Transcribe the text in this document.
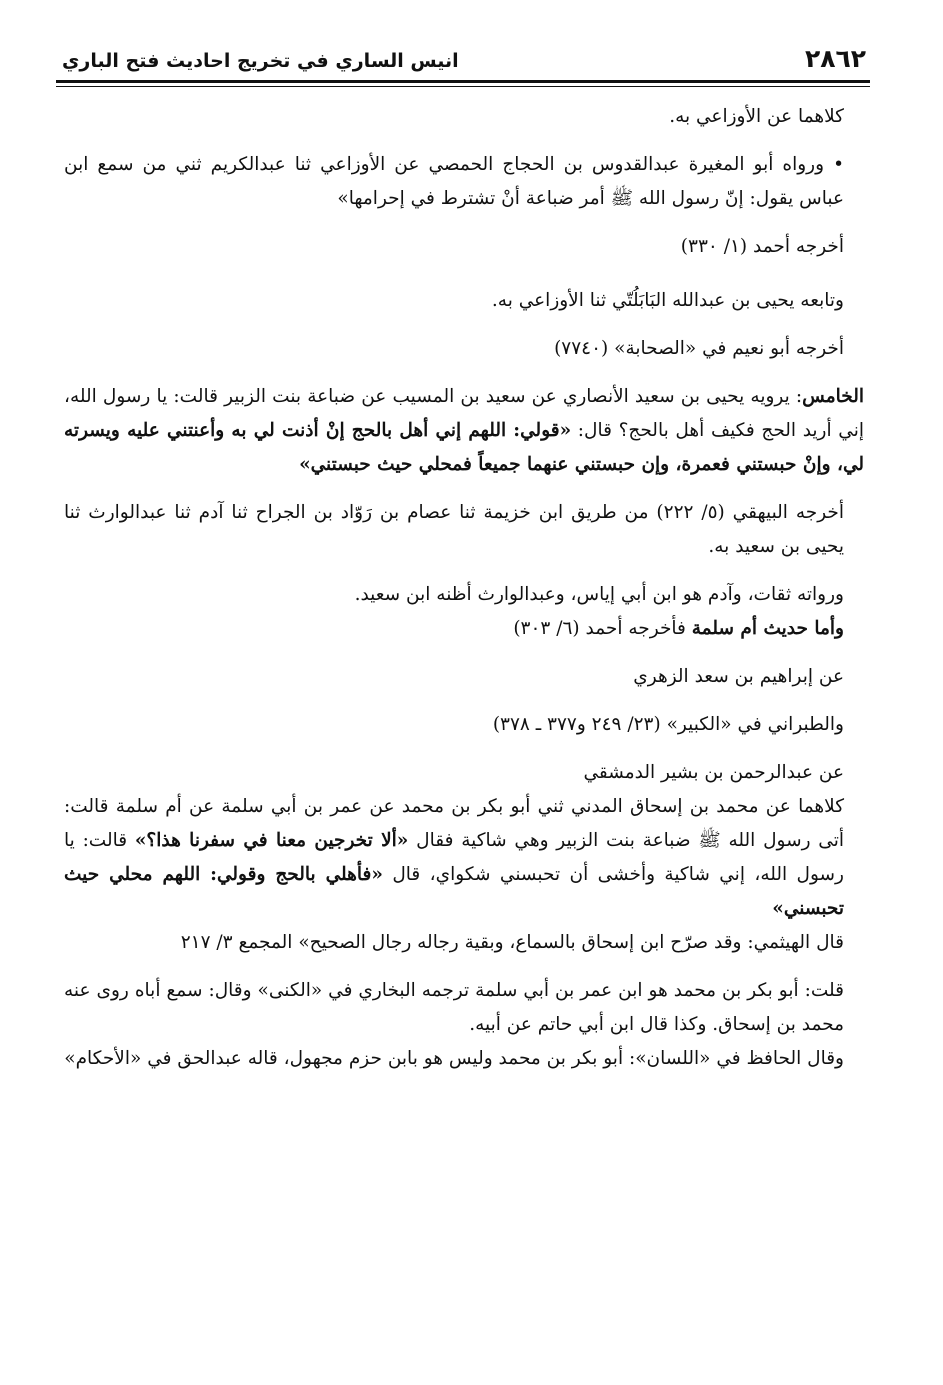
٢٨٦٢
انيس الساري في تخريج احاديث فتح الباري

كلاهما عن الأوزاعي به.

• ورواه أبو المغيرة عبدالقدوس بن الحجاج الحمصي عن الأوزاعي ثنا عبدالكريم ثني من سمع ابن عباس يقول: إنّ رسول الله ﷺ أمر ضباعة أنْ تشترط في إحرامها»

أخرجه أحمد (١/ ٣٣٠)

وتابعه يحيى بن عبدالله البَابَلُتّي ثنا الأوزاعي به.

أخرجه أبو نعيم في «الصحابة» (٧٧٤٠)

الخامس: يرويه يحيى بن سعيد الأنصاري عن سعيد بن المسيب عن ضباعة بنت الزبير قالت: يا رسول الله، إني أريد الحج فكيف أهل بالحج؟ قال: «قولي: اللهم إني أهل بالحج إنْ أذنت لي به وأعنتني عليه ويسرته لي، وإنْ حبستني فعمرة، وإن حبستني عنهما جميعاً فمحلي حيث حبستني»

أخرجه البيهقي (٥/ ٢٢٢) من طريق ابن خزيمة ثنا عصام بن رَوّاد بن الجراح ثنا آدم ثنا عبدالوارث ثنا يحيى بن سعيد به.

ورواته ثقات، وآدم هو ابن أبي إياس، وعبدالوارث أظنه ابن سعيد.

وأما حديث أم سلمة فأخرجه أحمد (٦/ ٣٠٣)

عن إبراهيم بن سعد الزهري

والطبراني في «الكبير» (٢٣/ ٢٤٩ و٣٧٧ ـ ٣٧٨)

عن عبدالرحمن بن بشير الدمشقي

كلاهما عن محمد بن إسحاق المدني ثني أبو بكر بن محمد عن عمر بن أبي سلمة عن أم سلمة قالت: أتى رسول الله ﷺ ضباعة بنت الزبير وهي شاكية فقال «ألا تخرجين معنا في سفرنا هذا؟» قالت: يا رسول الله، إني شاكية وأخشى أن تحبسني شكواي، قال «فأهلي بالحج وقولي: اللهم محلي حيث تحبسني»

قال الهيثمي: وقد صرّح ابن إسحاق بالسماع، وبقية رجاله رجال الصحيح» المجمع ٣/ ٢١٧

قلت: أبو بكر بن محمد هو ابن عمر بن أبي سلمة ترجمه البخاري في «الكنى» وقال: سمع أباه روى عنه محمد بن إسحاق. وكذا قال ابن أبي حاتم عن أبيه.

وقال الحافظ في «اللسان»: أبو بكر بن محمد وليس هو بابن حزم مجهول، قاله عبدالحق في «الأحكام»
